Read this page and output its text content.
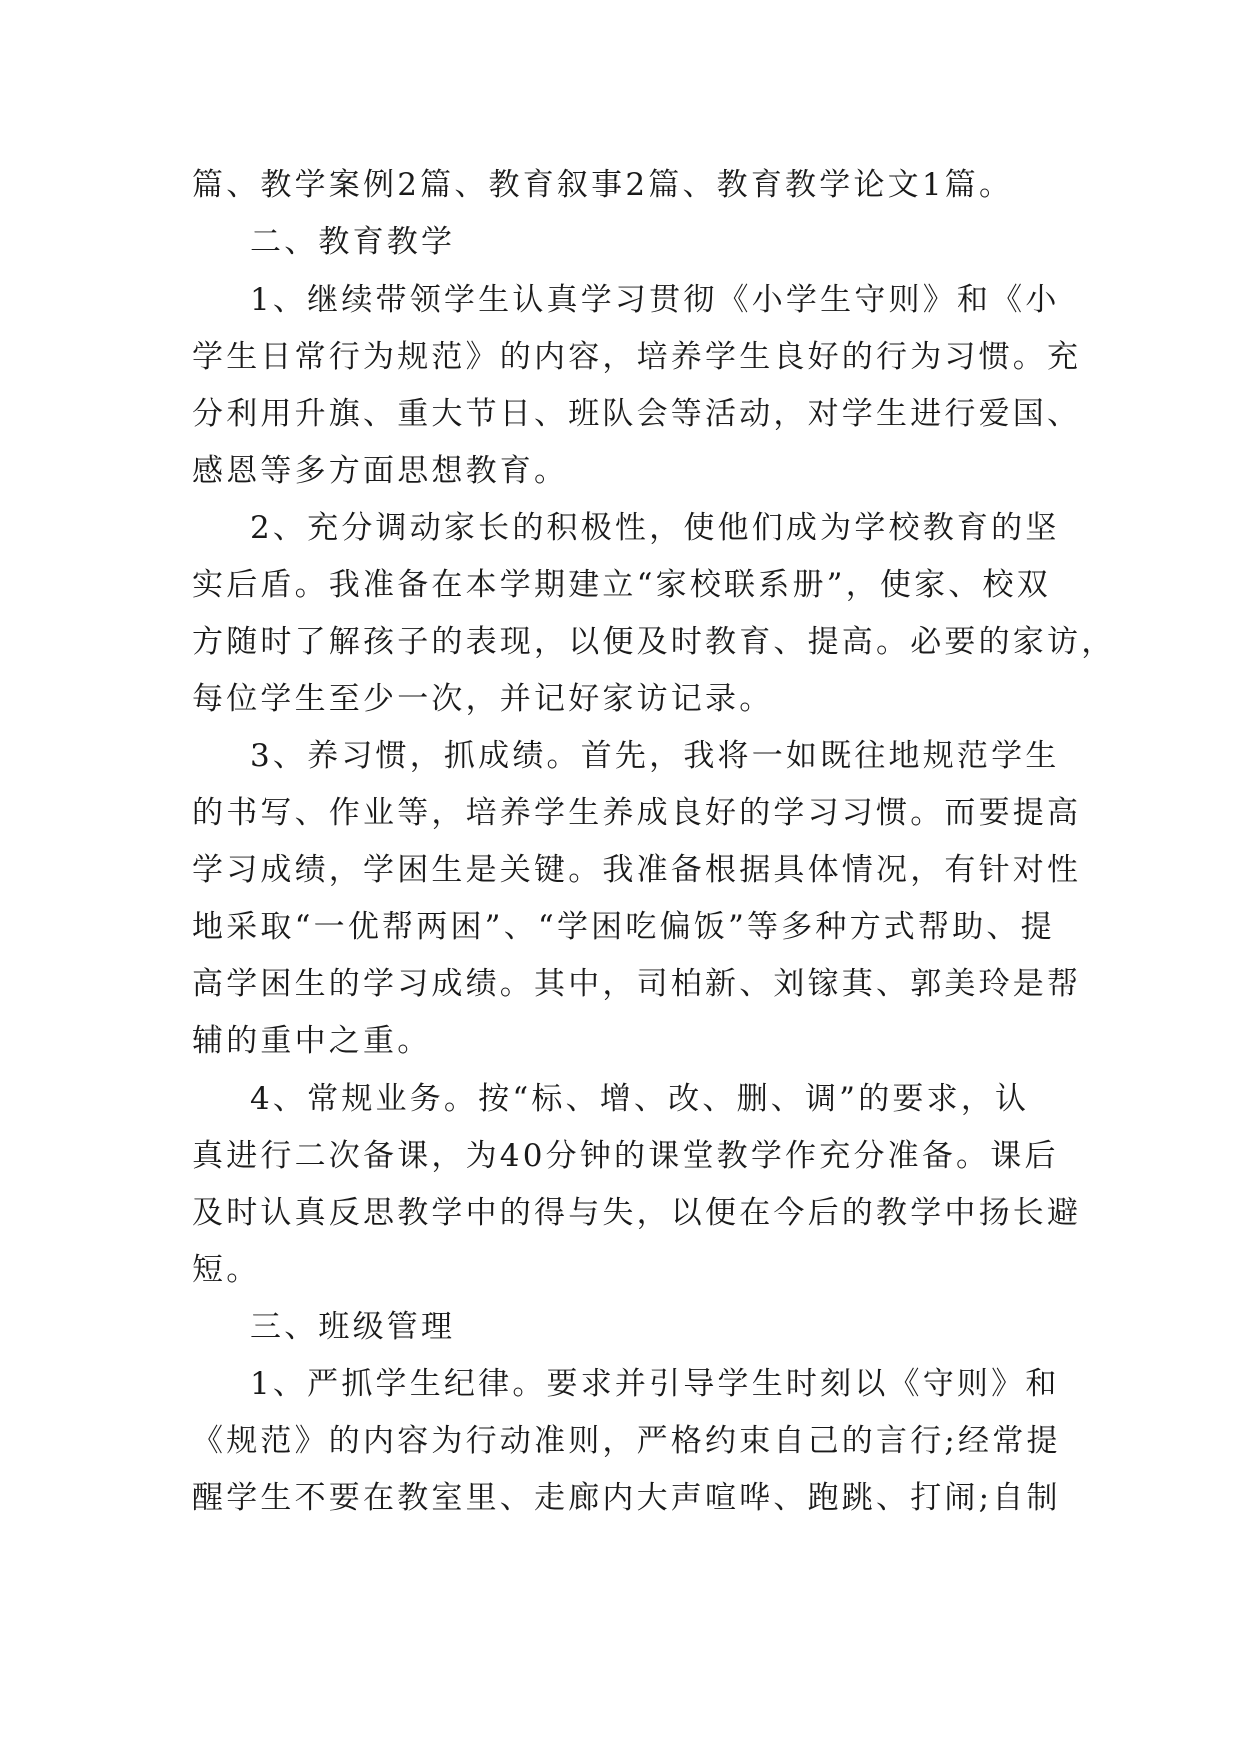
篇、教学案例2篇、教育叙事2篇、教育教学论文1篇。
二、教育教学
1、继续带领学生认真学习贯彻《小学生守则》和《小
学生日常行为规范》的内容，培养学生良好的行为习惯。充
分利用升旗、重大节日、班队会等活动，对学生进行爱国、
感恩等多方面思想教育。
2、充分调动家长的积极性，使他们成为学校教育的坚
实后盾。我准备在本学期建立“家校联系册”，使家、校双
方随时了解孩子的表现，以便及时教育、提高。必要的家访，
每位学生至少一次，并记好家访记录。
3、养习惯，抓成绩。首先，我将一如既往地规范学生
的书写、作业等，培养学生养成良好的学习习惯。而要提高
学习成绩，学困生是关键。我准备根据具体情况，有针对性
地采取“一优帮两困”、“学困吃偏饭”等多种方式帮助、提
高学困生的学习成绩。其中，司柏新、刘镓萁、郭美玲是帮
辅的重中之重。
4、常规业务。按“标、增、改、删、调”的要求，认
真进行二次备课，为40分钟的课堂教学作充分准备。课后
及时认真反思教学中的得与失，以便在今后的教学中扬长避
短。
三、班级管理
1、严抓学生纪律。要求并引导学生时刻以《守则》和
《规范》的内容为行动准则，严格约束自己的言行;经常提
醒学生不要在教室里、走廊内大声喧哗、跑跳、打闹;自制
